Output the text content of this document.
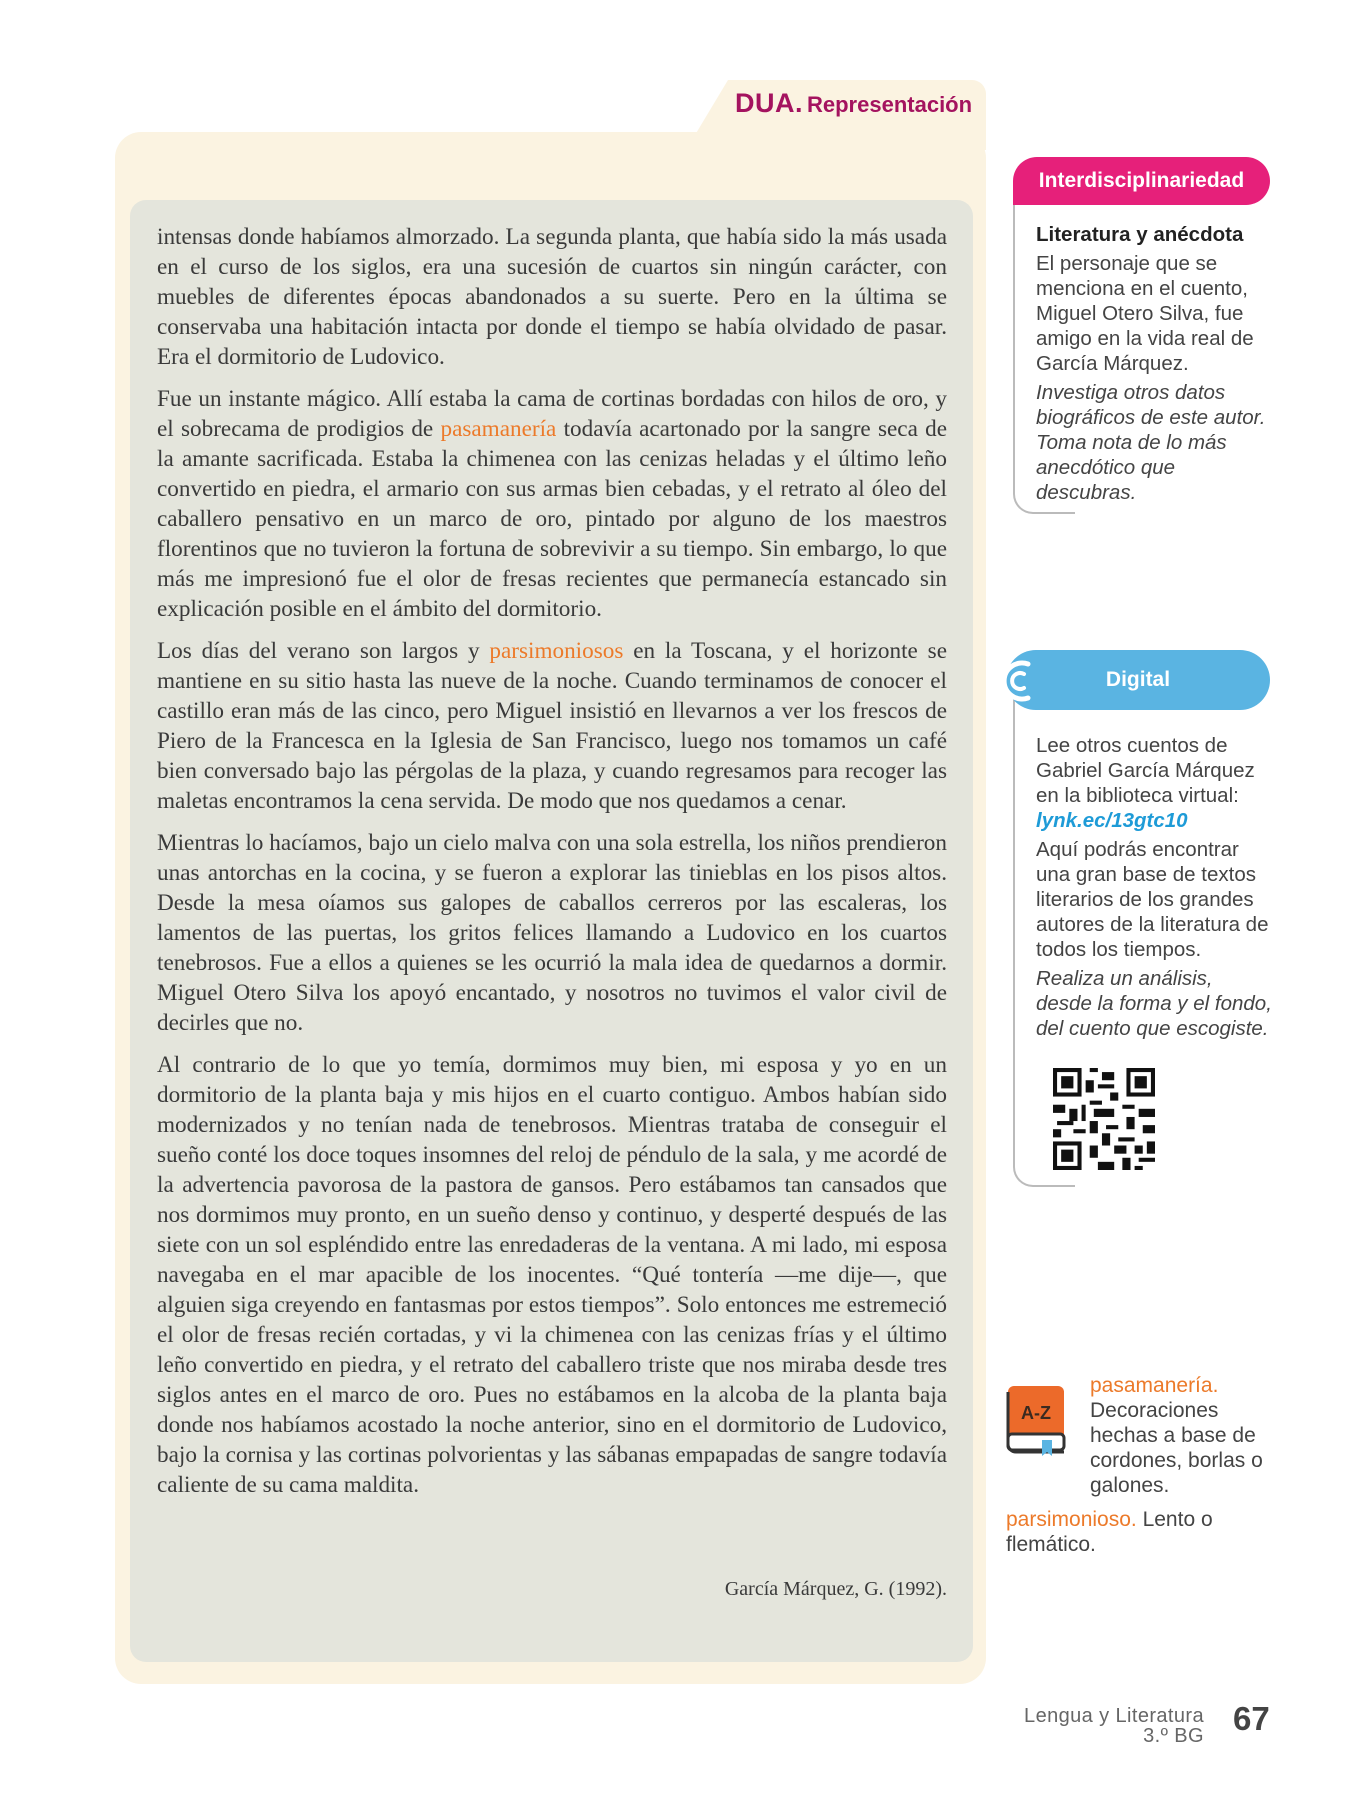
DUA. Representación

intensas donde habíamos almorzado. La segunda planta, que había sido la más usada en el curso de los siglos, era una sucesión de cuartos sin ningún carácter, con muebles de diferentes épocas abandonados a su suerte. Pero en la última se conservaba una habitación intacta por donde el tiempo se había olvidado de pasar. Era el dormitorio de Ludovico.

Fue un instante mágico. Allí estaba la cama de cortinas bordadas con hilos de oro, y el sobrecama de prodigios de pasamanería todavía acartonado por la sangre seca de la amante sacrificada. Estaba la chimenea con las cenizas heladas y el último leño convertido en piedra, el armario con sus armas bien cebadas, y el retrato al óleo del caballero pensativo en un marco de oro, pintado por alguno de los maestros florentinos que no tuvieron la fortuna de sobrevivir a su tiempo. Sin embargo, lo que más me impresionó fue el olor de fresas recientes que permanecía estancado sin explicación posible en el ámbito del dormitorio.

Los días del verano son largos y parsimoniosos en la Toscana, y el horizonte se mantiene en su sitio hasta las nueve de la noche. Cuando terminamos de conocer el castillo eran más de las cinco, pero Miguel insistió en llevarnos a ver los frescos de Piero de la Francesca en la Iglesia de San Francisco, luego nos tomamos un café bien conversado bajo las pérgolas de la plaza, y cuando regresamos para recoger las maletas encontramos la cena servida. De modo que nos quedamos a cenar.

Mientras lo hacíamos, bajo un cielo malva con una sola estrella, los niños prendieron unas antorchas en la cocina, y se fueron a explorar las tinieblas en los pisos altos. Desde la mesa oíamos sus galopes de caballos cerreros por las escaleras, los lamentos de las puertas, los gritos felices llamando a Ludovico en los cuartos tenebrosos. Fue a ellos a quienes se les ocurrió la mala idea de quedarnos a dormir. Miguel Otero Silva los apoyó encantado, y nosotros no tuvimos el valor civil de decirles que no.

Al contrario de lo que yo temía, dormimos muy bien, mi esposa y yo en un dormitorio de la planta baja y mis hijos en el cuarto contiguo. Ambos habían sido modernizados y no tenían nada de tenebrosos. Mientras trataba de conseguir el sueño conté los doce toques insomnes del reloj de péndulo de la sala, y me acordé de la advertencia pavorosa de la pastora de gansos. Pero estábamos tan cansados que nos dormimos muy pronto, en un sueño denso y continuo, y desperté después de las siete con un sol espléndido entre las enredaderas de la ventana. A mi lado, mi esposa navegaba en el mar apacible de los inocentes. “Qué tontería —me dije—, que alguien siga creyendo en fantasmas por estos tiempos”. Solo entonces me estremeció el olor de fresas recién cortadas, y vi la chimenea con las cenizas frías y el último leño convertido en piedra, y el retrato del caballero triste que nos miraba desde tres siglos antes en el marco de oro. Pues no estábamos en la alcoba de la planta baja donde nos habíamos acostado la noche anterior, sino en el dormitorio de Ludovico, bajo la cornisa y las cortinas polvorientas y las sábanas empapadas de sangre todavía caliente de su cama maldita.

García Márquez, G. (1992).
Interdisciplinariedad

Literatura y anécdota

El personaje que se menciona en el cuento, Miguel Otero Silva, fue amigo en la vida real de García Márquez.

Investiga otros datos biográficos de este autor. Toma nota de lo más anecdótico que descubras.

Digital

Lee otros cuentos de Gabriel García Márquez en la biblioteca virtual:

lynk.ec/13gtc10

Aquí podrás encontrar una gran base de textos literarios de los grandes autores de la literatura de todos los tiempos.

Realiza un análisis, desde la forma y el fondo, del cuento que escogiste.

A-Z
pasamanería.
Decoraciones hechas a base de cordones, borlas o galones.
parsimonioso. Lento o flemático.
Lengua y Literatura
3.º BG 67
